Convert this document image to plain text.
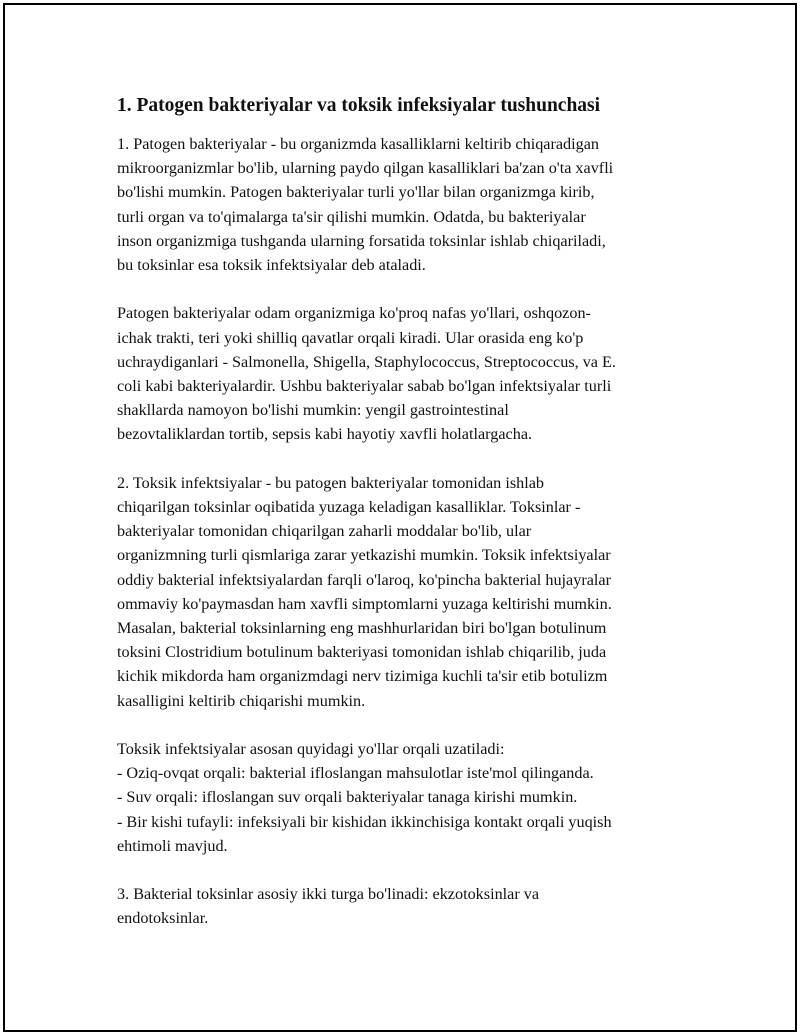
1. Patogen bakteriyalar va toksik infeksiyalar tushunchasi
1. Patogen bakteriyalar - bu organizmda kasalliklarni keltirib chiqaradigan
mikroorganizmlar bo'lib, ularning paydo qilgan kasalliklari ba'zan o'ta xavfli
bo'lishi mumkin. Patogen bakteriyalar turli yo'llar bilan organizmga kirib,
turli organ va to'qimalarga ta'sir qilishi mumkin. Odatda, bu bakteriyalar
inson organizmiga tushganda ularning forsatida toksinlar ishlab chiqariladi,
bu toksinlar esa toksik infektsiyalar deb ataladi.
Patogen bakteriyalar odam organizmiga ko'proq nafas yo'llari, oshqozon-
ichak trakti, teri yoki shilliq qavatlar orqali kiradi. Ular orasida eng ko'p
uchraydiganlari - Salmonella, Shigella, Staphylococcus, Streptococcus, va E.
coli kabi bakteriyalardir. Ushbu bakteriyalar sabab bo'lgan infektsiyalar turli
shakllarda namoyon bo'lishi mumkin: yengil gastrointestinal
bezovtaliklardan tortib, sepsis kabi hayotiy xavfli holatlargacha.
2. Toksik infektsiyalar - bu patogen bakteriyalar tomonidan ishlab
chiqarilgan toksinlar oqibatida yuzaga keladigan kasalliklar. Toksinlar -
bakteriyalar tomonidan chiqarilgan zaharli moddalar bo'lib, ular
organizmning turli qismlariga zarar yetkazishi mumkin. Toksik infektsiyalar
oddiy bakterial infektsiyalardan farqli o'laroq, ko'pincha bakterial hujayralar
ommaviy ko'paymasdan ham xavfli simptomlarni yuzaga keltirishi mumkin.
Masalan, bakterial toksinlarning eng mashhurlaridan biri bo'lgan botulinum
toksini Clostridium botulinum bakteriyasi tomonidan ishlab chiqarilib, juda
kichik mikdorda ham organizmdagi nerv tizimiga kuchli ta'sir etib botulizm
kasalligini keltirib chiqarishi mumkin.
Toksik infektsiyalar asosan quyidagi yo'llar orqali uzatiladi:
- Oziq-ovqat orqali: bakterial ifloslangan mahsulotlar iste'mol qilinganda.
- Suv orqali: ifloslangan suv orqali bakteriyalar tanaga kirishi mumkin.
- Bir kishi tufayli: infeksiyali bir kishidan ikkinchisiga kontakt orqali yuqish
ehtimoli mavjud.
3. Bakterial toksinlar asosiy ikki turga bo'linadi: ekzotoksinlar va
endotoksinlar.
